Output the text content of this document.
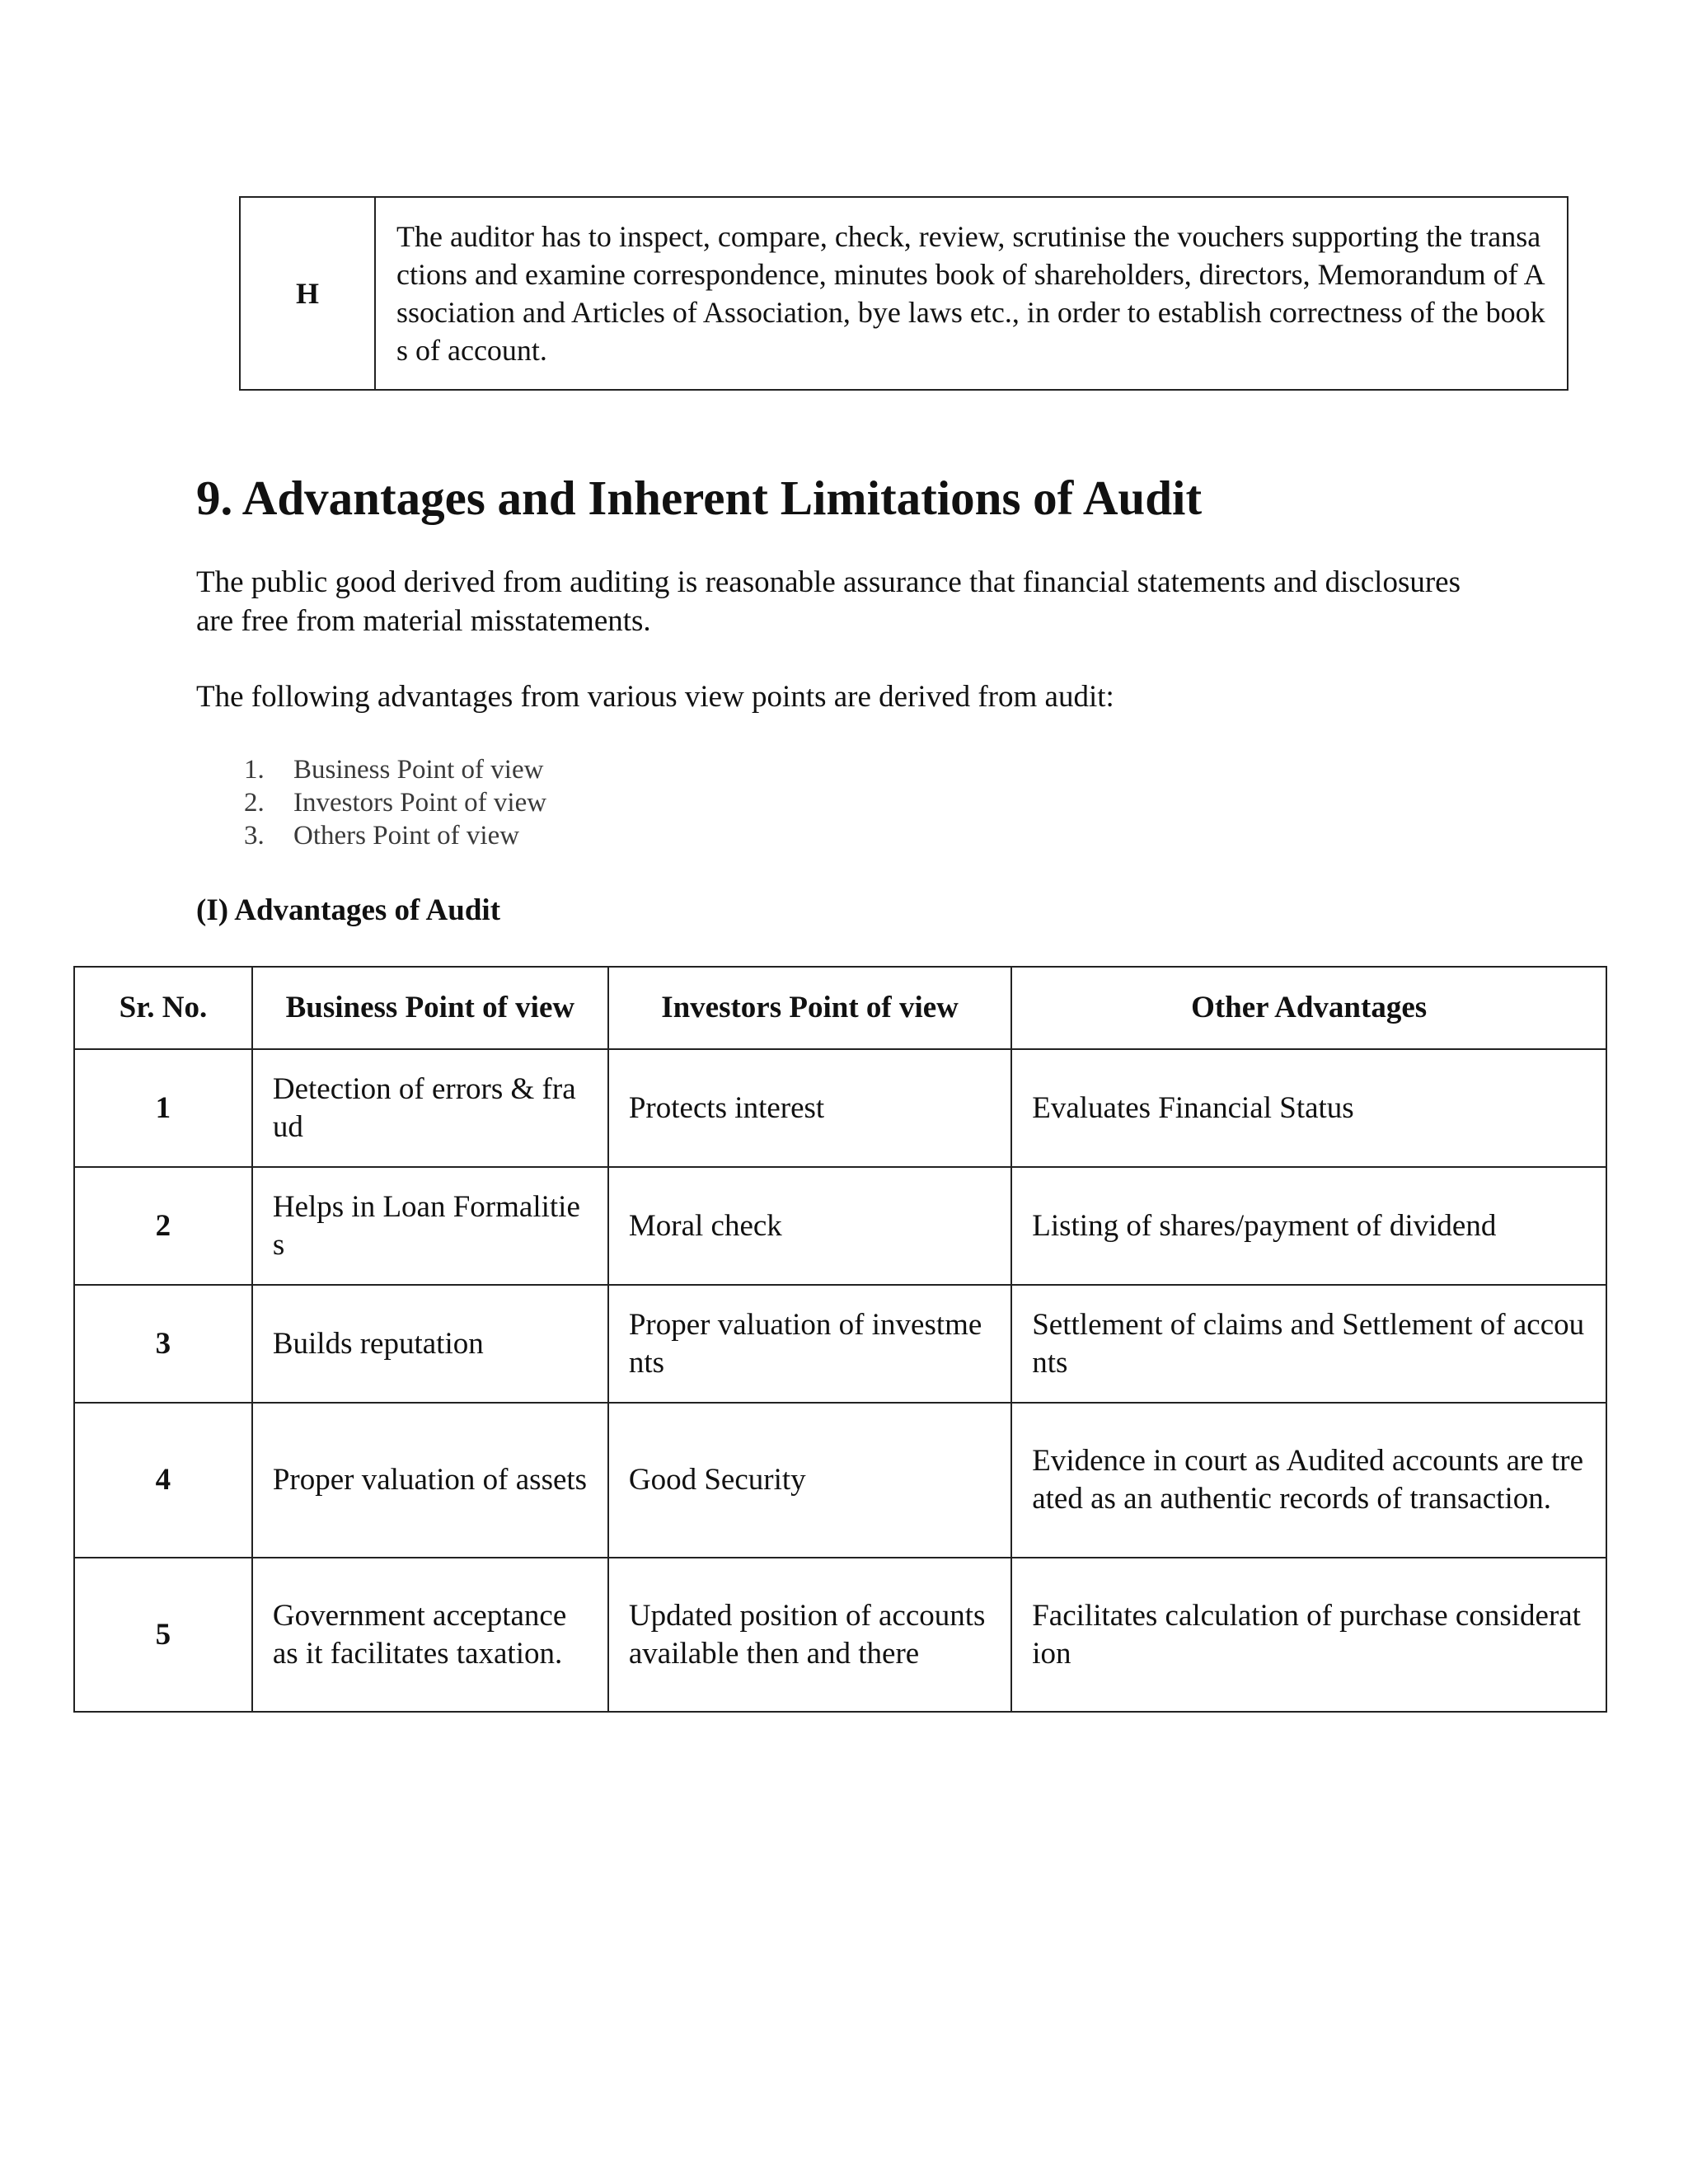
H	The auditor has to inspect, compare, check, review, scrutinise the vouchers supporting the transactions and examine correspondence, minutes book of shareholders, directors, Memorandum of Association and Articles of Association, bye laws etc., in order to establish correctness of the books of account.
9. Advantages and Inherent Limitations of Audit

The public good derived from auditing is reasonable assurance that financial statements and disclosures are free from material misstatements.

The following advantages from various view points are derived from audit:

1.	Business Point of view
2.	Investors Point of view
3.	Others Point of view
(I) Advantages of Audit
Sr. No.	Business Point of view	Investors Point of view	Other Advantages
1	Detection of errors & fraud	Protects interest	Evaluates Financial Status
2	Helps in Loan Formalities	Moral check	Listing of shares/payment of dividend
3	Builds reputation	Proper valuation of investments	Settlement of claims and Settlement of accounts
4	Proper valuation of assets	Good Security	Evidence in court as Audited accounts are treated as an authentic records of transaction.
5	Government acceptance as it facilitates taxation.	Updated position of accounts available then and there	Facilitates calculation of purchase consideration
